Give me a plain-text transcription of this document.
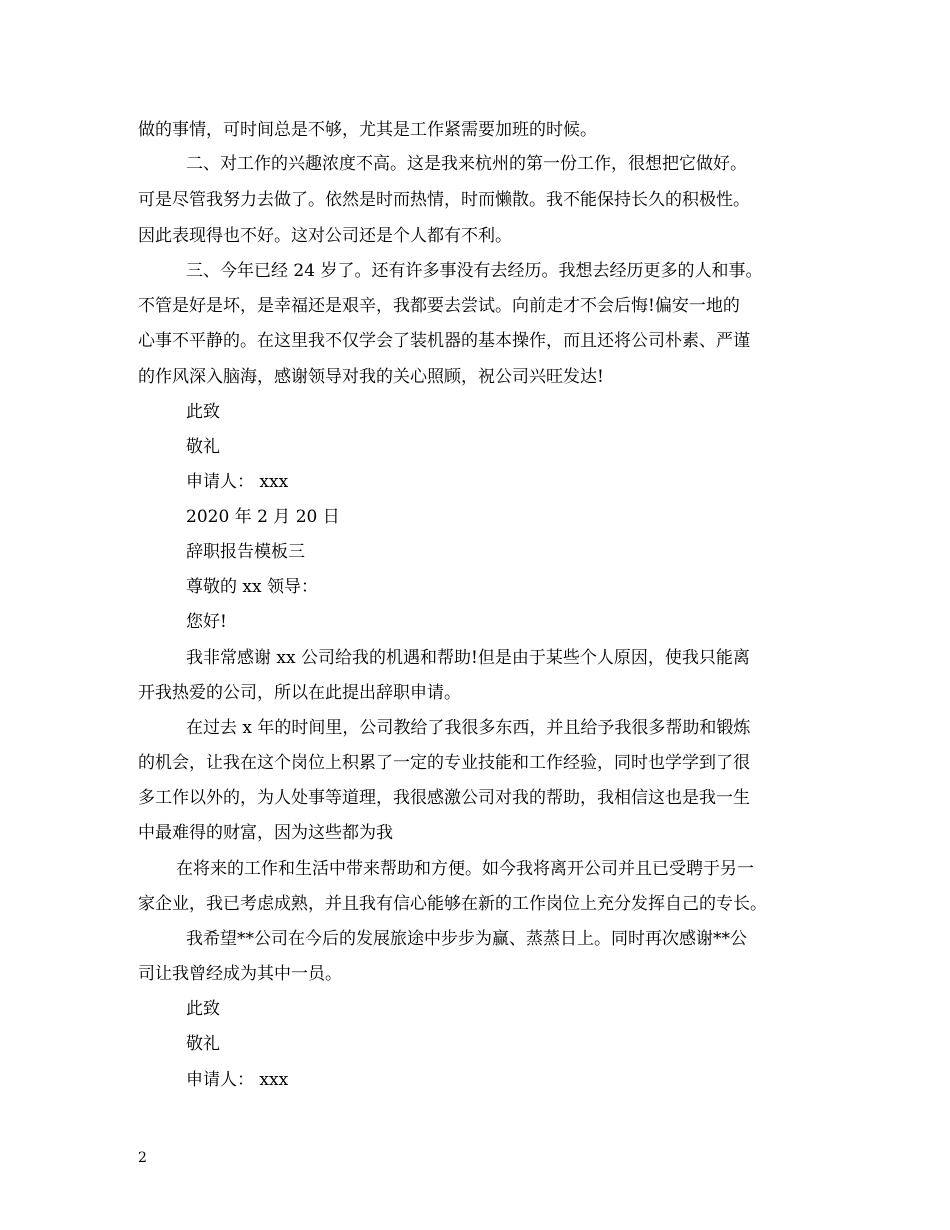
做的事情，可时间总是不够，尤其是工作紧需要加班的时候。
二、对工作的兴趣浓度不高。这是我来杭州的第一份工作，很想把它做好。
可是尽管我努力去做了。依然是时而热情，时而懒散。我不能保持长久的积极性。
因此表现得也不好。这对公司还是个人都有不利。
三、今年已经 24 岁了。还有许多事没有去经历。我想去经历更多的人和事。
不管是好是坏，是幸福还是艰辛，我都要去尝试。向前走才不会后悔!偏安一地的
心事不平静的。在这里我不仅学会了装机器的基本操作，而且还将公司朴素、严谨
的作风深入脑海，感谢领导对我的关心照顾，祝公司兴旺发达!
此致
敬礼
申请人： xxx
2020 年 2 月 20 日
辞职报告模板三
尊敬的 xx 领导：
您好!
我非常感谢 xx 公司给我的机遇和帮助!但是由于某些个人原因，使我只能离
开我热爱的公司，所以在此提出辞职申请。
在过去 x 年的时间里，公司教给了我很多东西，并且给予我很多帮助和锻炼
的机会，让我在这个岗位上积累了一定的专业技能和工作经验，同时也学学到了很
多工作以外的，为人处事等道理，我很感激公司对我的帮助，我相信这也是我一生
中最难得的财富，因为这些都为我
在将来的工作和生活中带来帮助和方便。如今我将离开公司并且已受聘于另一
家企业，我已考虑成熟，并且我有信心能够在新的工作岗位上充分发挥自己的专长。
我希望**公司在今后的发展旅途中步步为赢、蒸蒸日上。同时再次感谢**公
司让我曾经成为其中一员。
此致
敬礼
申请人： xxx
2
